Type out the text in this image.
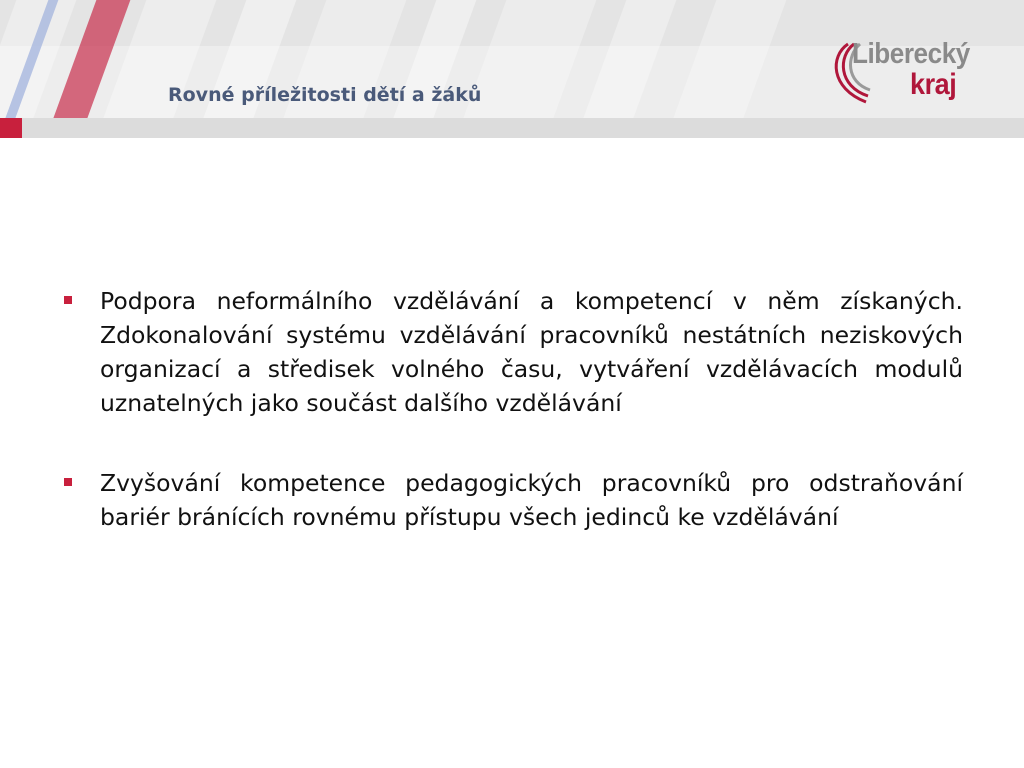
Rovné příležitosti dětí a žáků
Liberecký
kraj

Podpora neformálního vzdělávání a kompetencí v něm získaných. Zdokonalování systému vzdělávání pracovníků nestátních neziskových organizací a středisek volného času, vytváření vzdělávacích modulů uznatelných jako součást dalšího vzdělávání

Zvyšování kompetence pedagogických pracovníků pro odstraňování bariér bránících rovnému přístupu všech jedinců ke vzdělávání
